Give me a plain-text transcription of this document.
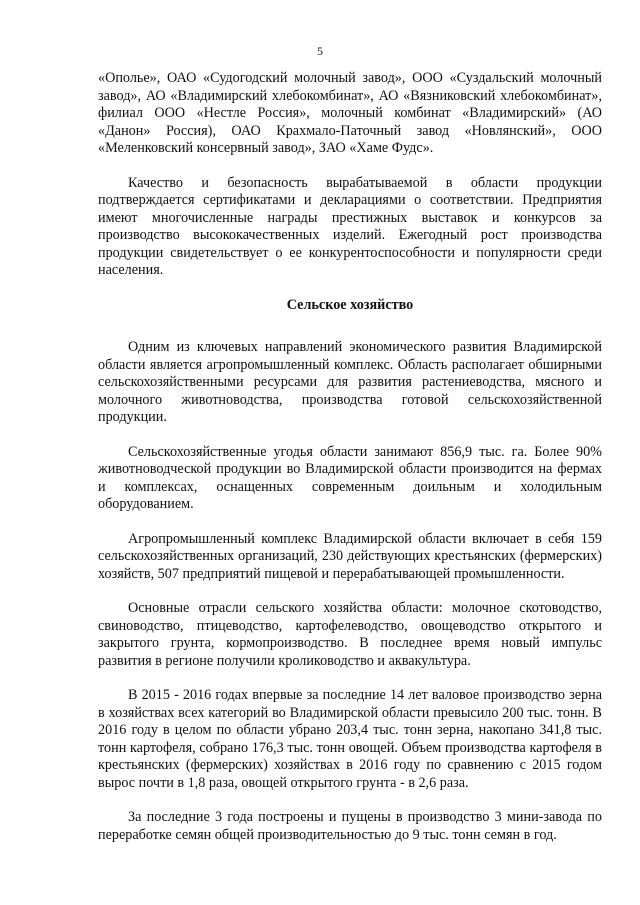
5

«Ополье», ОАО «Судогодский молочный завод», ООО «Суздальский молочный завод», АО «Владимирский хлебокомбинат», АО «Вязниковский хлебокомбинат», филиал ООО «Нестле Россия», молочный комбинат «Владимирский» (АО «Данон» Россия), ОАО Крахмало-Паточный завод «Новлянский», ООО «Меленковский консервный завод», ЗАО «Хаме Фудс».

Качество и безопасность вырабатываемой в области продукции подтверждается сертификатами и декларациями о соответствии. Предприятия имеют многочисленные награды престижных выставок и конкурсов за производство высококачественных изделий. Ежегодный рост производства продукции свидетельствует о ее конкурентоспособности и популярности среди населения.

Сельское хозяйство

Одним из ключевых направлений экономического развития Владимирской области является агропромышленный комплекс. Область располагает обширными сельскохозяйственными ресурсами для развития растениеводства, мясного и молочного животноводства, производства готовой сельскохозяйственной продукции.

Сельскохозяйственные угодья области занимают 856,9 тыс. га. Более 90% животноводческой продукции во Владимирской области производится на фермах и комплексах, оснащенных современным доильным и холодильным оборудованием.

Агропромышленный комплекс Владимирской области включает в себя 159 сельскохозяйственных организаций, 230 действующих крестьянских (фермерских) хозяйств, 507 предприятий пищевой и перерабатывающей промышленности.

Основные отрасли сельского хозяйства области: молочное скотоводство, свиноводство, птицеводство, картофелеводство, овощеводство открытого и закрытого грунта, кормопроизводство. В последнее время новый импульс развития в регионе получили кролиководство и аквакультура.

В 2015 - 2016 годах впервые за последние 14 лет валовое производство зерна в хозяйствах всех категорий во Владимирской области превысило 200 тыс. тонн. В 2016 году в целом по области убрано 203,4 тыс. тонн зерна, накопано 341,8 тыс. тонн картофеля, собрано 176,3 тыс. тонн овощей. Объем производства картофеля в крестьянских (фермерских) хозяйствах в 2016 году по сравнению с 2015 годом вырос почти в 1,8 раза, овощей открытого грунта - в 2,6 раза.

За последние 3 года построены и пущены в производство 3 мини-завода по переработке семян общей производительностью до 9 тыс. тонн семян в год.
